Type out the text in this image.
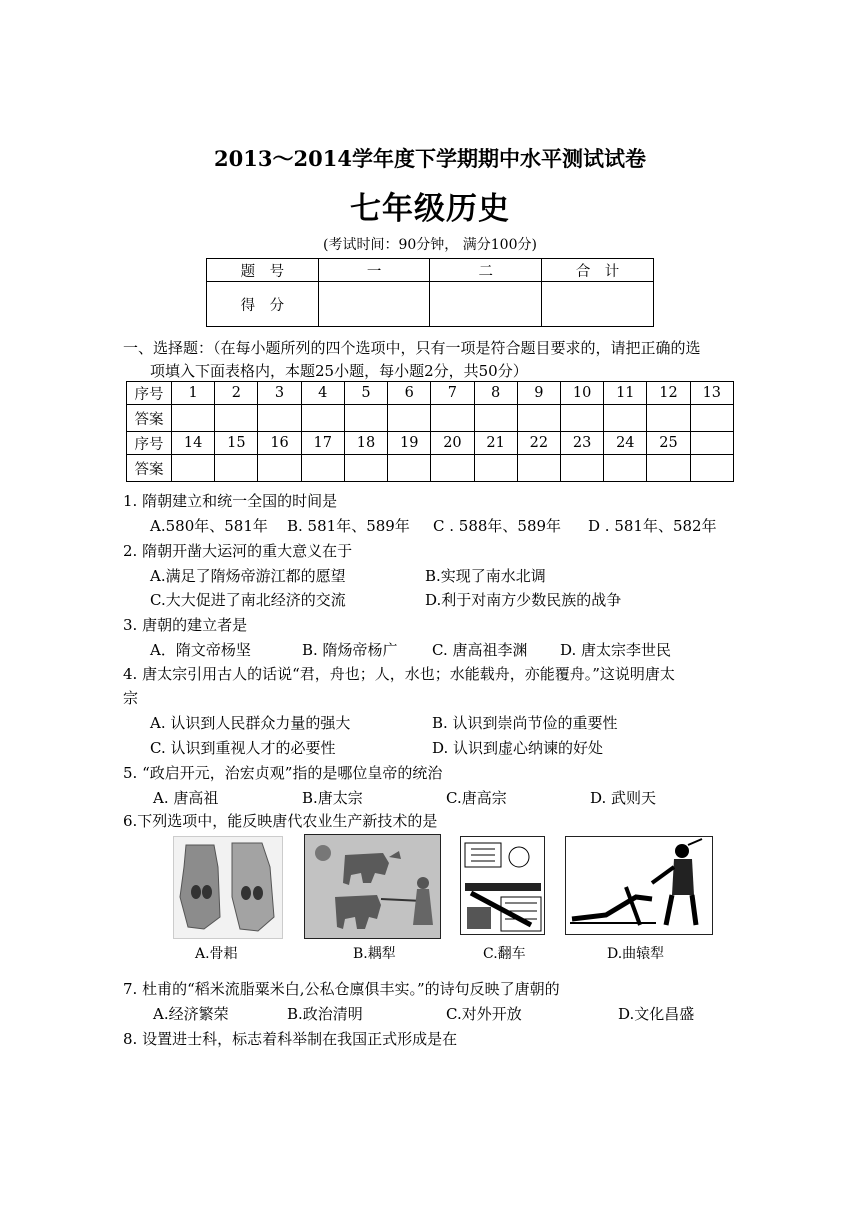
2013～2014学年度下学期期中水平测试试卷
七年级历史
(考试时间：90分钟， 满分100分)
题　号	一	二	合　计
得　分			
一、选择题：（在每小题所列的四个选项中，只有一项是符合题目要求的，请把正确的选
项填入下面表格内，本题25小题，每小题2分，共50分）
序号	1	2	3	4	5	6	7	8	9	10	11	12	13
答案													
序号	14	15	16	17	18	19	20	21	22	23	24	25	
答案													
1. 隋朝建立和统一全国的时间是
A.580年、581年 B. 581年、589年 C . 588年、589年 D . 581年、582年
2. 隋朝开凿大运河的重大意义在于
A.满足了隋炀帝游江都的愿望	B.实现了南水北调
C.大大促进了南北经济的交流	D.利于对南方少数民族的战争
3. 唐朝的建立者是
A．隋文帝杨坚	B. 隋炀帝杨广 C. 唐高祖李渊 D. 唐太宗李世民
4. 唐太宗引用古人的话说“君，舟也；人，水也；水能载舟，亦能覆舟。”这说明唐太
宗
A. 认识到人民群众力量的强大	B. 认识到崇尚节俭的重要性
C. 认识到重视人才的必要性	D. 认识到虚心纳谏的好处
5. “政启开元，治宏贞观”指的是哪位皇帝的统治
A. 唐高祖	B.唐太宗	C.唐高宗	D. 武则天
6.下列选项中，能反映唐代农业生产新技术的是
A.骨耜	B.耦犁	C.翻车	D.曲辕犁
7. 杜甫的“稻米流脂粟米白,公私仓廪俱丰实。”的诗句反映了唐朝的
A.经济繁荣	B.政治清明	C.对外开放	D.文化昌盛
8. 设置进士科，标志着科举制在我国正式形成是在
